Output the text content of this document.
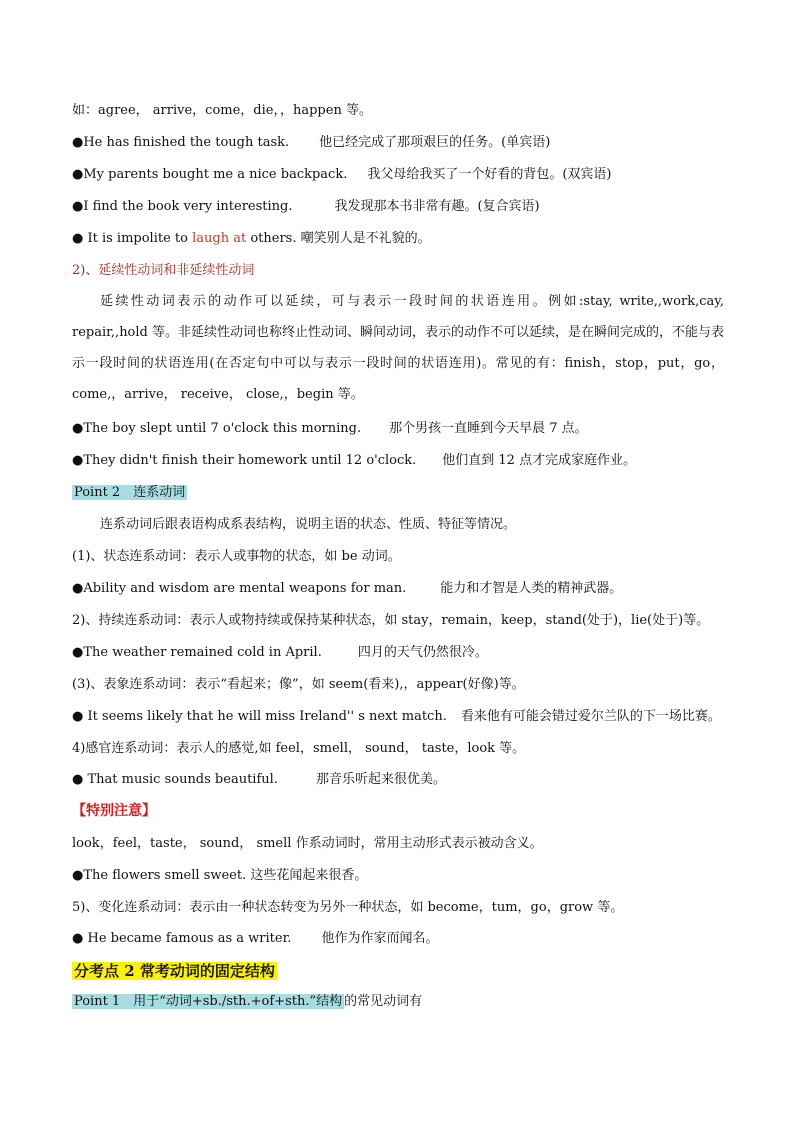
如：agree， arrive，come，die，，happen 等。
●He has finished the tough task. 他已经完成了那项艰巨的任务。(单宾语)
●My parents bought me a nice backpack. 我父母给我买了一个好看的背包。(双宾语)
●I find the book very interesting.	我发现那本书非常有趣。(复合宾语)
● It is impolite to laugh at others. 嘲笑别人是不礼貌的。
2)、延续性动词和非延续性动词
延续性动词表示的动作可以延续，可与表示一段时间的状语连用。例如:stay, write,,work,cay, repair,,hold 等。非延续性动词也称终止性动词、瞬间动词，表示的动作不可以延续，是在瞬间完成的，不能与表示一段时间的状语连用(在否定句中可以与表示一段时间的状语连用)。常见的有：finish，stop，put，go，come,，arrive， receive， close,，begin 等。
●The boy slept until 7 o'clock this morning. 那个男孩一直睡到今天早晨 7 点。
●They didn't finish their homework until 12 o'clock. 他们直到 12 点才完成家庭作业。
Point 2　连系动词
连系动词后跟表语构成系表结构，说明主语的状态、性质、特征等情况。
(1)、状态连系动词：表示人或事物的状态，如 be 动词。
●Ability and wisdom are mental weapons for man.	能力和才智是人类的精神武器。
2)、持续连系动词：表示人或物持续或保持某种状态，如 stay，remain，keep，stand(处于)，lie(处于)等。
●The weather remained cold in April.	四月的天气仍然很冷。
(3)、表象连系动词：表示“看起来；像”，如 seem(看来),，appear(好像)等。
● It seems likely that he will miss Ireland'' s next match. 看来他有可能会错过爱尔兰队的下一场比赛。
4)感官连系动词：表示人的感觉,如 feel，smell， sound， taste，look 等。
● That music sounds beautiful.	那音乐听起来很优美。
【特别注意】
look，feel，taste， sound， smell 作系动词时，常用主动形式表示被动含义。
●The flowers smell sweet. 这些花闻起来很香。
5)、变化连系动词：表示由一种状态转变为另外一种状态，如 become，tum，go，grow 等。
● He became famous as a writer. 他作为作家而闻名。
分考点 2 常考动词的固定结构
Point 1　用于“动词+sb./sth.+of+sth.”结构 的常见动词有
